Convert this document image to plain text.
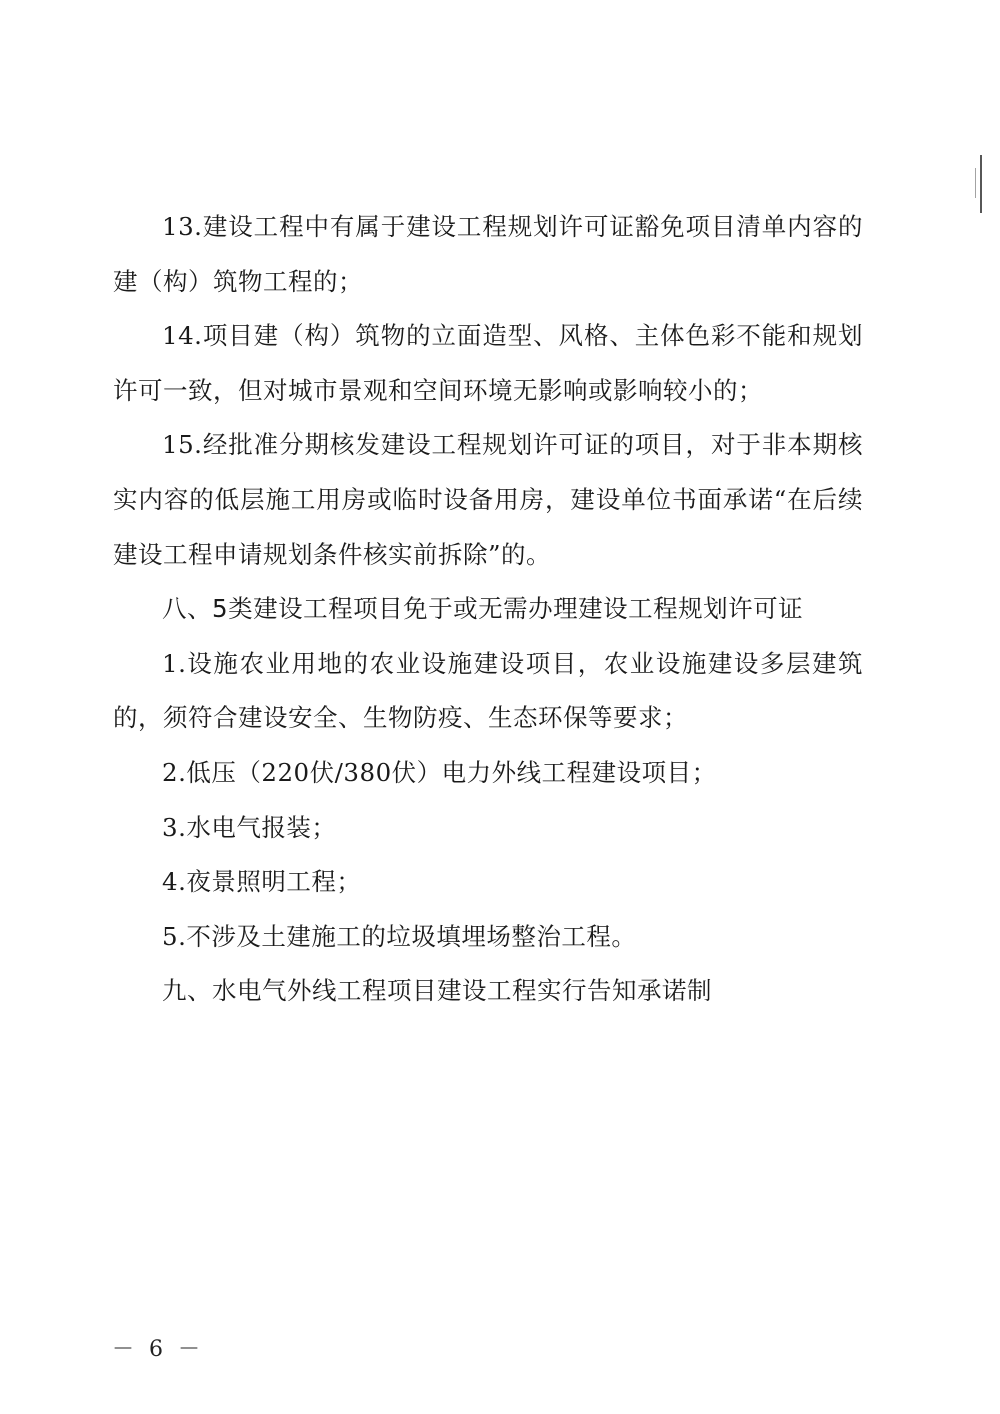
13.建设工程中有属于建设工程规划许可证豁免项目清单内容的建（构）筑物工程的；

14.项目建（构）筑物的立面造型、风格、主体色彩不能和规划许可一致，但对城市景观和空间环境无影响或影响较小的；

15.经批准分期核发建设工程规划许可证的项目，对于非本期核实内容的低层施工用房或临时设备用房，建设单位书面承诺“在后续建设工程申请规划条件核实前拆除”的。

八、5类建设工程项目免于或无需办理建设工程规划许可证

1.设施农业用地的农业设施建设项目，农业设施建设多层建筑的，须符合建设安全、生物防疫、生态环保等要求；

2.低压（220伏/380伏）电力外线工程建设项目；

3.水电气报装；

4.夜景照明工程；

5.不涉及土建施工的垃圾填埋场整治工程。

九、水电气外线工程项目建设工程实行告知承诺制

－ 6 －
